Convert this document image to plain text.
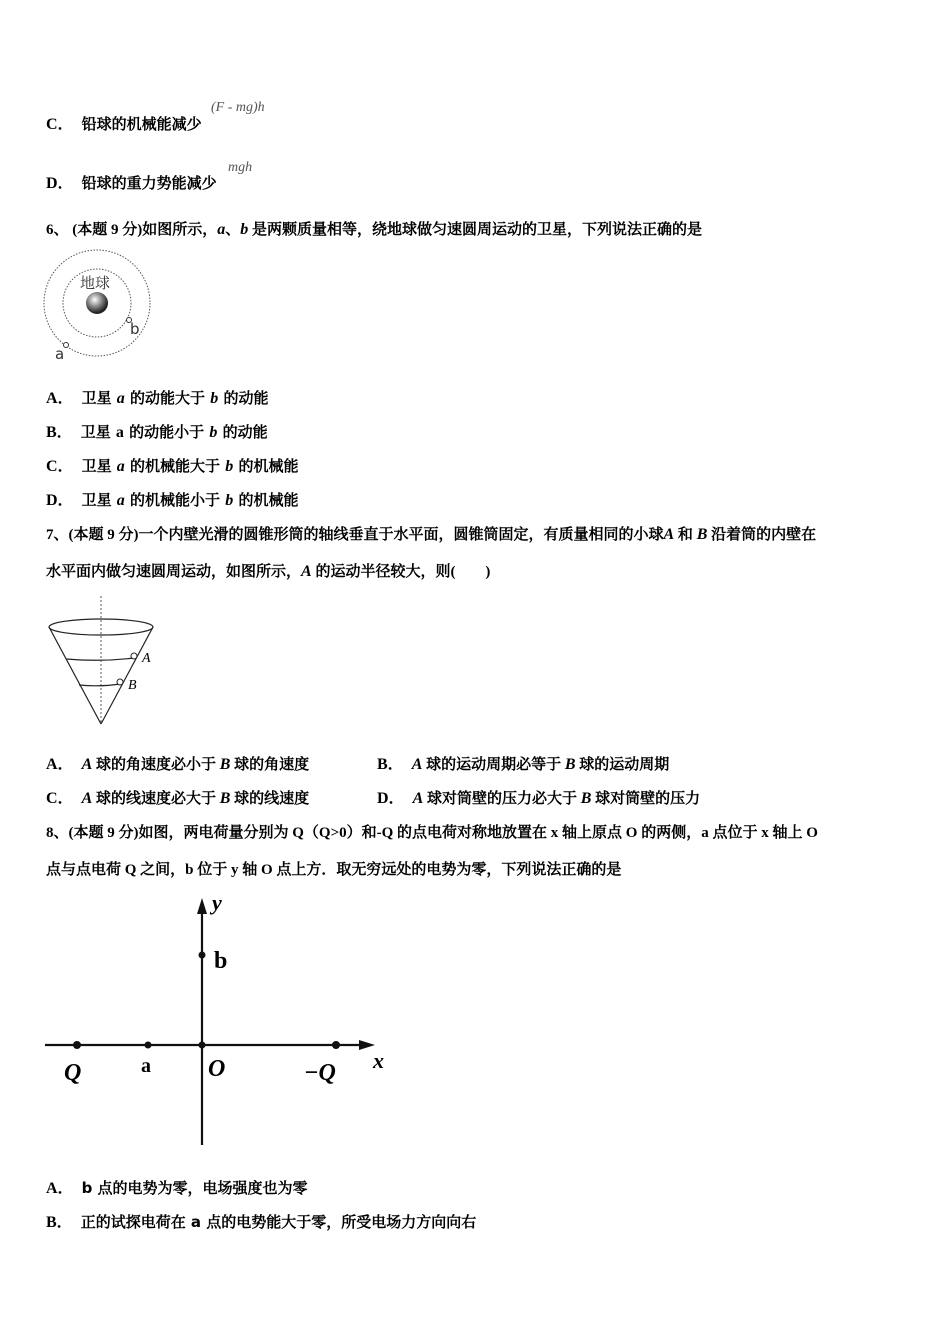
C． 铅球的机械能减少
(F - mg)h
D． 铅球的重力势能减少
mgh
6、 (本题 9 分)如图所示，a、b 是两颗质量相等，绕地球做匀速圆周运动的卫星，下列说法正确的是
地球
b
a
A． 卫星 a 的动能大于 b 的动能
B． 卫星 a 的动能小于 b 的动能
C． 卫星 a 的机械能大于 b 的机械能
D． 卫星 a 的机械能小于 b 的机械能
7、(本题 9 分)一个内壁光滑的圆锥形筒的轴线垂直于水平面，圆锥筒固定，有质量相同的小球A 和 B 沿着筒的内壁在
水平面内做匀速圆周运动，如图所示，A 的运动半径较大，则(　　)
A
B
A． A 球的角速度必小于 B 球的角速度	B． A 球的运动周期必等于 B 球的运动周期
C． A 球的线速度必大于 B 球的线速度	D． A 球对筒壁的压力必大于 B 球对筒壁的压力
8、(本题 9 分)如图，两电荷量分别为 Q（Q>0）和-Q 的点电荷对称地放置在 x 轴上原点 O 的两侧，a 点位于 x 轴上 O
点与点电荷 Q 之间，b 位于 y 轴 O 点上方．取无穷远处的电势为零，下列说法正确的是
y
x
b
Q	a O	−Q
A． b 点的电势为零，电场强度也为零
B． 正的试探电荷在 a 点的电势能大于零，所受电场力方向向右
